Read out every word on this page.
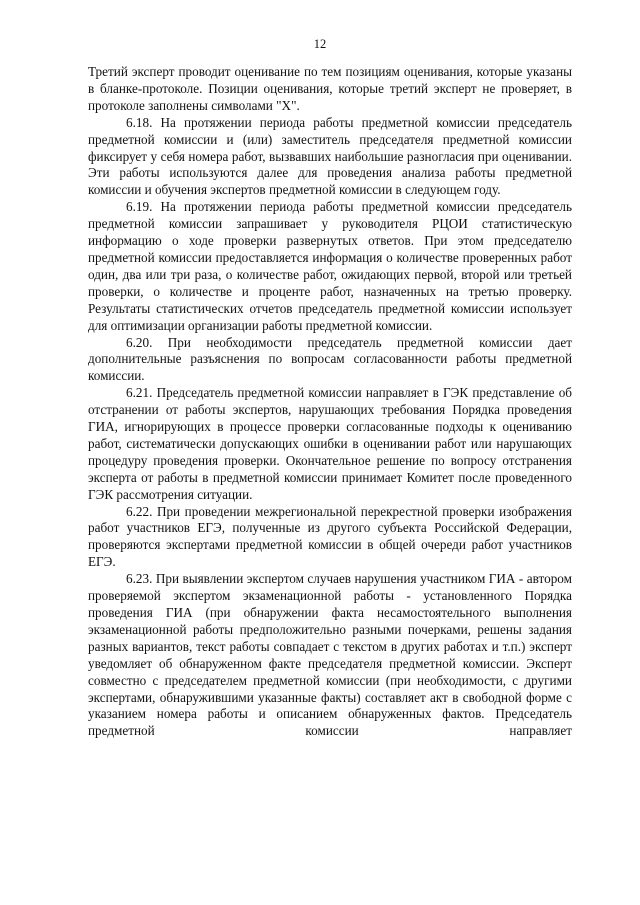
12

Третий эксперт проводит оценивание по тем позициям оценивания, которые указаны в бланке-протоколе. Позиции оценивания, которые третий эксперт не проверяет, в протоколе заполнены символами "Х".

6.18. На протяжении периода работы предметной комиссии председатель предметной комиссии и (или) заместитель председателя предметной комиссии фиксирует у себя номера работ, вызвавших наибольшие разногласия при оценивании. Эти работы используются далее для проведения анализа работы предметной комиссии и обучения экспертов предметной комиссии в следующем году.

6.19. На протяжении периода работы предметной комиссии председатель предметной комиссии запрашивает у руководителя РЦОИ статистическую информацию о ходе проверки развернутых ответов. При этом председателю предметной комиссии предоставляется информация о количестве проверенных работ один, два или три раза, о количестве работ, ожидающих первой, второй или третьей проверки, о количестве и проценте работ, назначенных на третью проверку. Результаты статистических отчетов председатель предметной комиссии использует для оптимизации организации работы предметной комиссии.

6.20. При необходимости председатель предметной комиссии дает дополнительные разъяснения по вопросам согласованности работы предметной комиссии.

6.21. Председатель предметной комиссии направляет в ГЭК представление об отстранении от работы экспертов, нарушающих требования Порядка проведения ГИА, игнорирующих в процессе проверки согласованные подходы к оцениванию работ, систематически допускающих ошибки в оценивании работ или нарушающих процедуру проведения проверки. Окончательное решение по вопросу отстранения эксперта от работы в предметной комиссии принимает Комитет после проведенного ГЭК рассмотрения ситуации.

6.22. При проведении межрегиональной перекрестной проверки изображения работ участников ЕГЭ, полученные из другого субъекта Российской Федерации, проверяются экспертами предметной комиссии в общей очереди работ участников ЕГЭ.

6.23. При выявлении экспертом случаев нарушения участником ГИА - автором проверяемой экспертом экзаменационной работы - установленного Порядка проведения ГИА (при обнаружении факта несамостоятельного выполнения экзаменационной работы предположительно разными почерками, решены задания разных вариантов, текст работы совпадает с текстом в других работах и т.п.) эксперт уведомляет об обнаруженном факте председателя предметной комиссии. Эксперт совместно с председателем предметной комиссии (при необходимости, с другими экспертами, обнаружившими указанные факты) составляет акт в свободной форме с указанием номера работы и описанием обнаруженных фактов. Председатель предметной комиссии направляет
